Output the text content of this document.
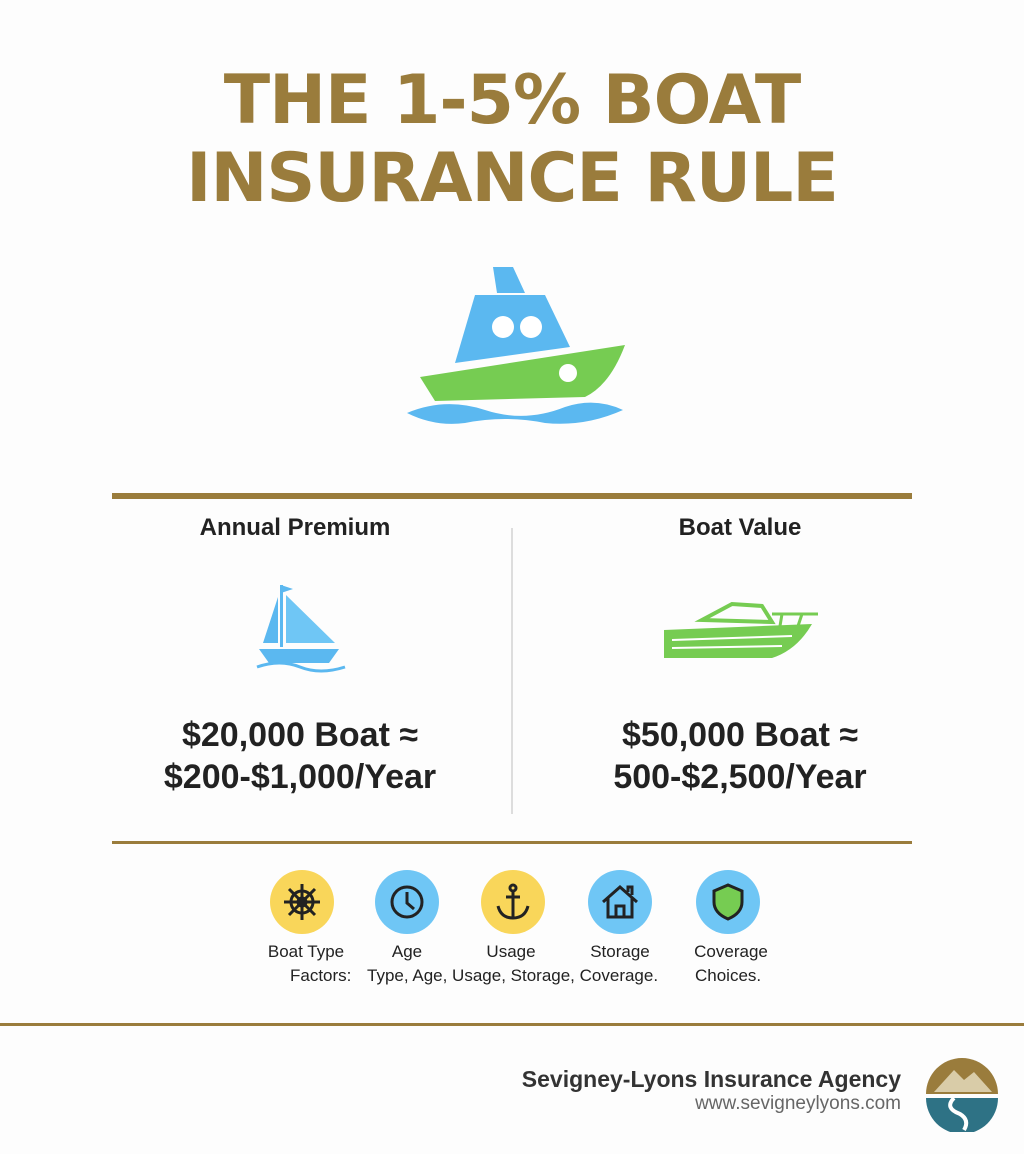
THE 1-5% BOAT
INSURANCE RULE
Annual Premium
$20,000 Boat ≈
$200-$1,000/Year
Boat Value
$50,000 Boat ≈
500-$2,500/Year
Boat Type	Age	Usage	Storage	Coverage
Factors: Type, Age, Usage, Storage, Coverage. Choices.
Sevigney-Lyons Insurance Agency
www.sevigneylyons.com
